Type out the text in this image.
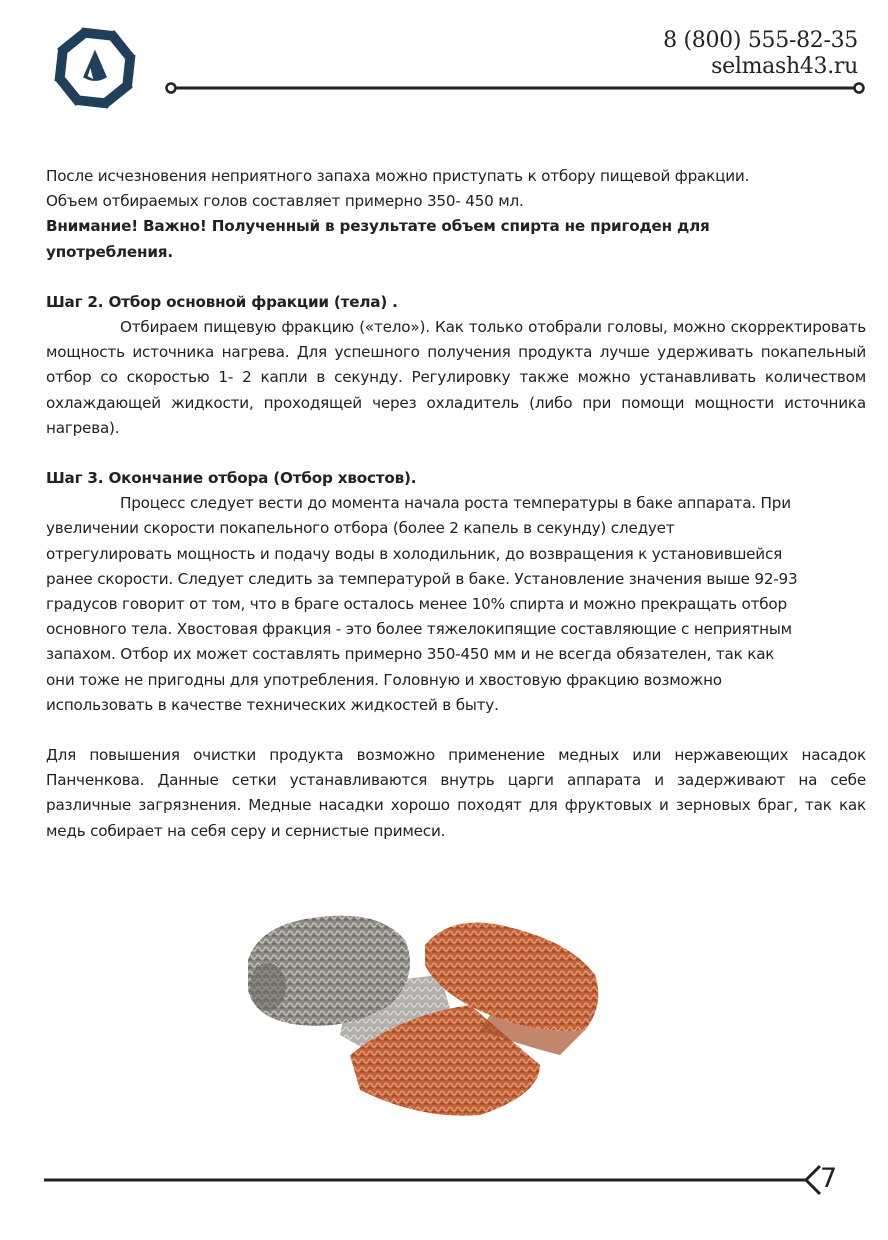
8 (800) 555-82-35
selmash43.ru

После исчезновения неприятного запаха можно приступать к отбору пищевой фракции.

Объем отбираемых голов составляет примерно 350- 450 мл.

Внимание! Важно! Полученный в результате объем спирта не пригоден для употребления.

Шаг 2. Отбор основной фракции (тела) .

Отбираем пищевую фракцию («тело»). Как только отобрали головы, можно скорректировать мощность источника нагрева. Для успешного получения продукта лучше удерживать покапельный отбор со скоростью 1- 2 капли в секунду. Регулировку также можно устанавливать количеством охлаждающей жидкости, проходящей через охладитель (либо при помощи мощности источника нагрева).

Шаг 3. Окончание отбора (Отбор хвостов).

Процесс следует вести до момента начала роста температуры в баке аппарата. При

увеличении скорости покапельного отбора (более 2 капель в секунду) следует

отрегулировать мощность и подачу воды в холодильник, до возвращения к установившейся

ранее скорости. Следует следить за температурой в баке. Установление значения выше 92-93

градусов говорит от том, что в браге осталось менее 10% спирта и можно прекращать отбор

основного тела. Хвостовая фракция - это более тяжелокипящие составляющие с неприятным

запахом. Отбор их может составлять примерно 350-450 мм и не всегда обязателен, так как

они тоже не пригодны для употребления. Головную и хвостовую фракцию возможно

использовать в качестве технических жидкостей в быту.

Для повышения очистки продукта возможно применение медных или нержавеющих насадок Панченкова. Данные сетки устанавливаются внутрь царги аппарата и задерживают на себе различные загрязнения. Медные насадки хорошо походят для фруктовых и зерновых браг, так как медь собирает на себя серу и сернистые примеси.

7
